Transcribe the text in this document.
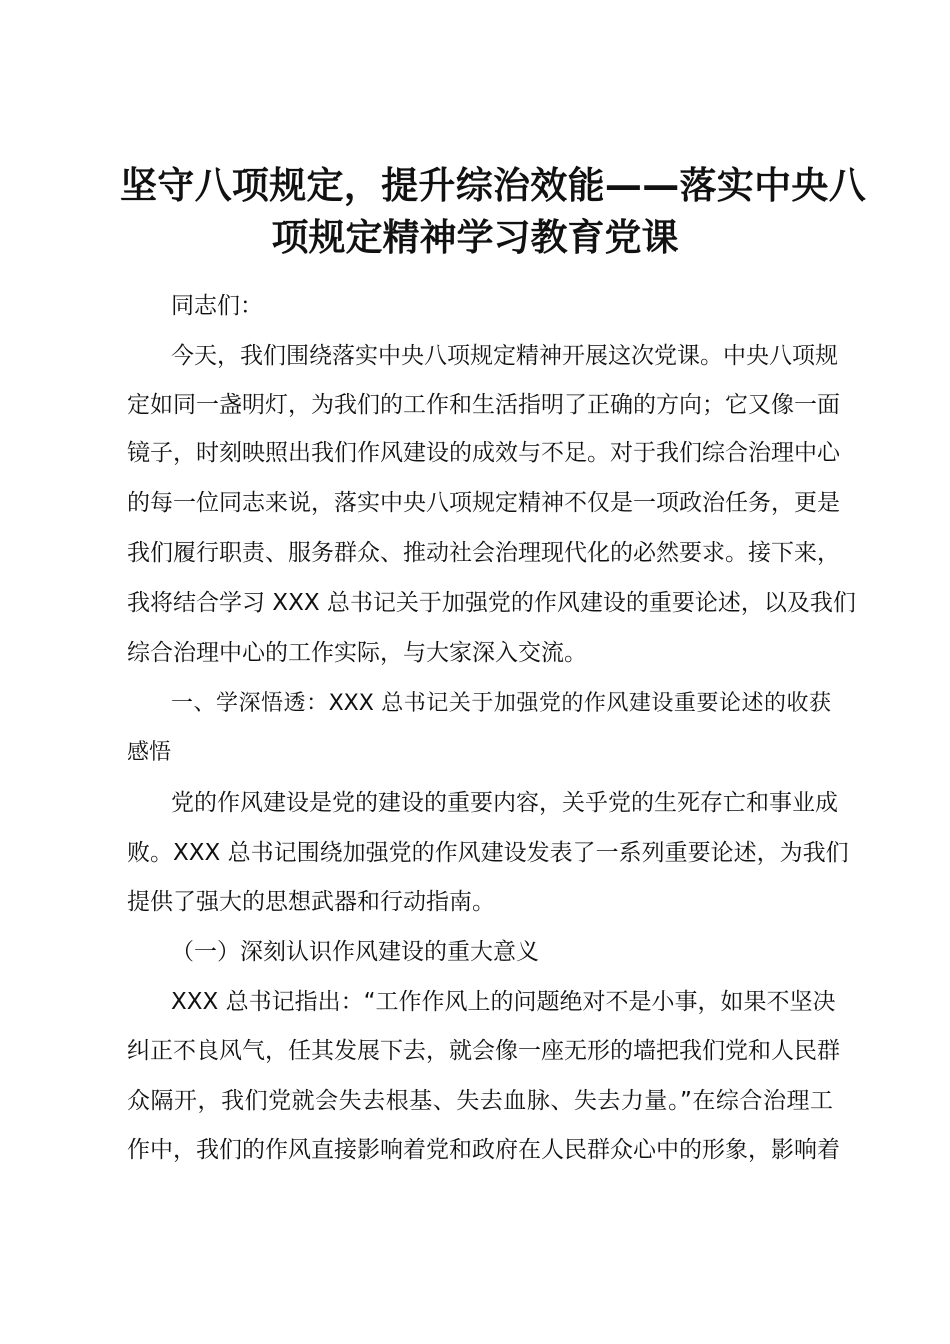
坚守八项规定，提升综治效能——落实中央八
项规定精神学习教育党课
同志们：
今天，我们围绕落实中央八项规定精神开展这次党课。中央八项规
定如同一盏明灯，为我们的工作和生活指明了正确的方向；它又像一面
镜子，时刻映照出我们作风建设的成效与不足。对于我们综合治理中心
的每一位同志来说，落实中央八项规定精神不仅是一项政治任务，更是
我们履行职责、服务群众、推动社会治理现代化的必然要求。接下来，
我将结合学习 XXX 总书记关于加强党的作风建设的重要论述，以及我们
综合治理中心的工作实际，与大家深入交流。
一、学深悟透：XXX 总书记关于加强党的作风建设重要论述的收获
感悟
党的作风建设是党的建设的重要内容，关乎党的生死存亡和事业成
败。XXX 总书记围绕加强党的作风建设发表了一系列重要论述，为我们
提供了强大的思想武器和行动指南。
（一）深刻认识作风建设的重大意义
XXX 总书记指出：“工作作风上的问题绝对不是小事，如果不坚决
纠正不良风气，任其发展下去，就会像一座无形的墙把我们党和人民群
众隔开，我们党就会失去根基、失去血脉、失去力量。”在综合治理工
作中，我们的作风直接影响着党和政府在人民群众心中的形象，影响着
